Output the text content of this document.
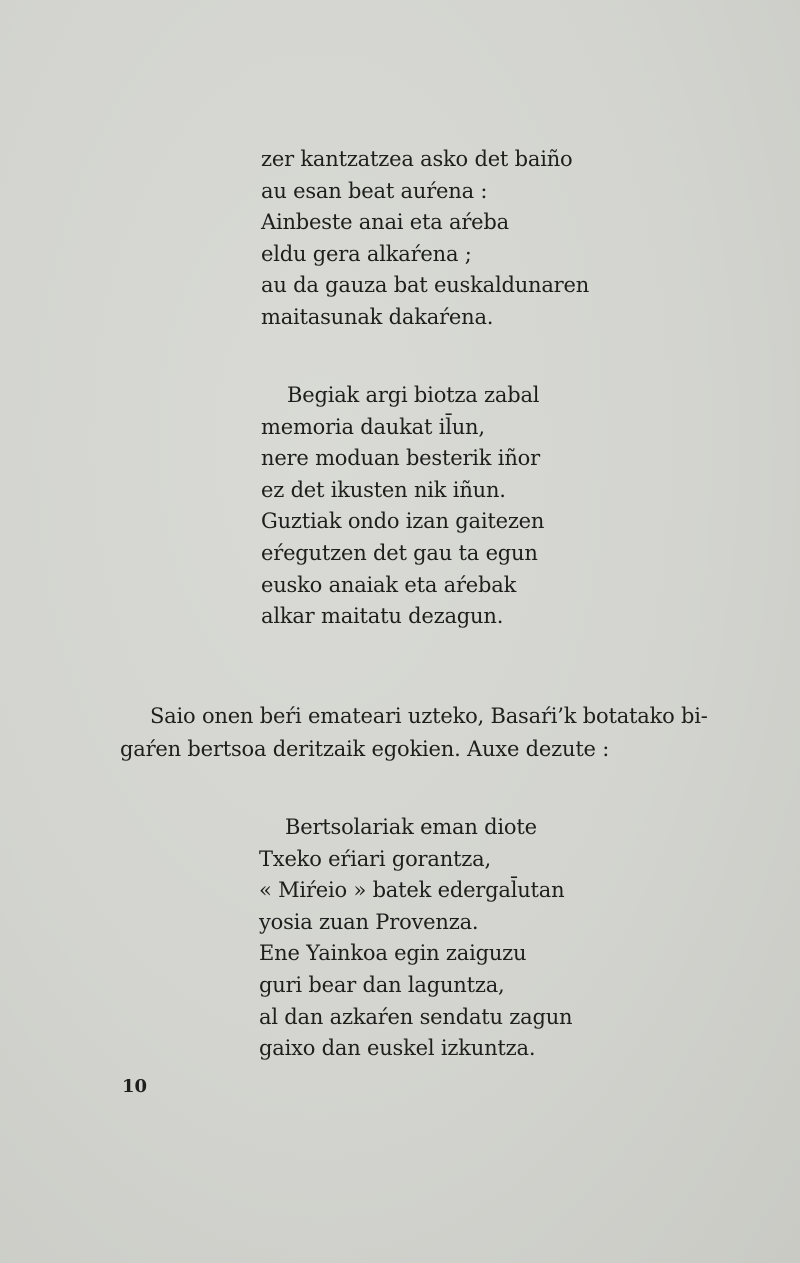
zer kantzatzea asko det baiño
au esan beat auŕena :
Ainbeste anai eta aŕeba
eldu gera alkaŕena ;
au da gauza bat euskaldunaren
maitasunak dakaŕena.
Begiak argi biotza zabal
memoria daukat il̄un,
nere moduan besterik iñor
ez det ikusten nik iñun.
Guztiak ondo izan gaitezen
eŕegutzen det gau ta egun
eusko anaiak eta aŕebak
alkar maitatu dezagun.
Saio onen beŕi emateari uzteko, Basaŕi’k botatako bi-
gaŕen bertsoa deritzaik egokien. Auxe dezute :
Bertsolariak eman diote
Txeko eŕiari gorantza,
« Miŕeio » batek edergal̄utan
yosia zuan Provenza.
Ene Yainkoa egin zaiguzu
guri bear dan laguntza,
al dan azkaŕen sendatu zagun
gaixo dan euskel izkuntza.
10
